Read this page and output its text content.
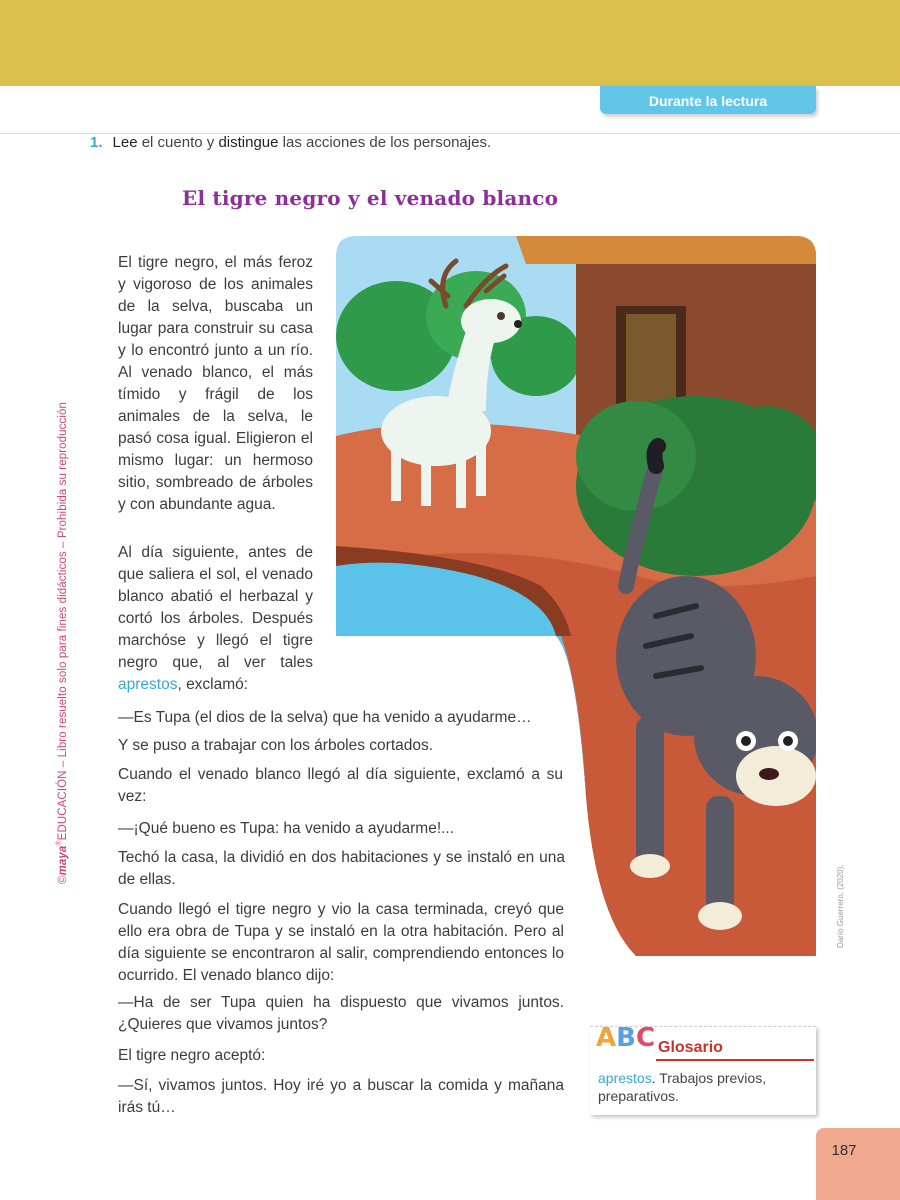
Durante la lectura
©maya®EDUCACIÓN – Libro resuelto solo para fines didácticos – Prohibida su reproducción
1. Lee el cuento y distingue las acciones de los personajes.
El tigre negro y el venado blanco

El tigre negro, el más feroz y vigoroso de los animales de la selva, buscaba un lugar para construir su casa y lo encontró junto a un río. Al venado blanco, el más tímido y frágil de los animales de la selva, le pasó cosa igual. Eligieron el mismo lugar: un hermoso sitio, sombreado de árboles y con abundante agua.

Al día siguiente, antes de que saliera el sol, el venado blanco abatió el herbazal y cortó los árboles. Después marchóse y llegó el tigre negro que, al ver tales aprestos, exclamó:

—Es Tupa (el dios de la selva) que ha venido a ayudarme…

Y se puso a trabajar con los árboles cortados.

Cuando el venado blanco llegó al día siguiente, exclamó a su vez:

—¡Qué bueno es Tupa: ha venido a ayudarme!...

Techó la casa, la dividió en dos habitaciones y se instaló en una de ellas.

Cuando llegó el tigre negro y vio la casa terminada, creyó que ello era obra de Tupa y se instaló en la otra habitación. Pero al día siguiente se encontraron al salir, comprendiendo entonces lo ocurrido. El venado blanco dijo:

—Ha de ser Tupa quien ha dispuesto que vivamos juntos. ¿Quieres que vivamos juntos?

El tigre negro aceptó:

—Sí, vivamos juntos. Hoy iré yo a buscar la comida y mañana irás tú…

Darío Guerrero, (2020).
ABC Glosario
aprestos. Trabajos previos, preparativos.
187
